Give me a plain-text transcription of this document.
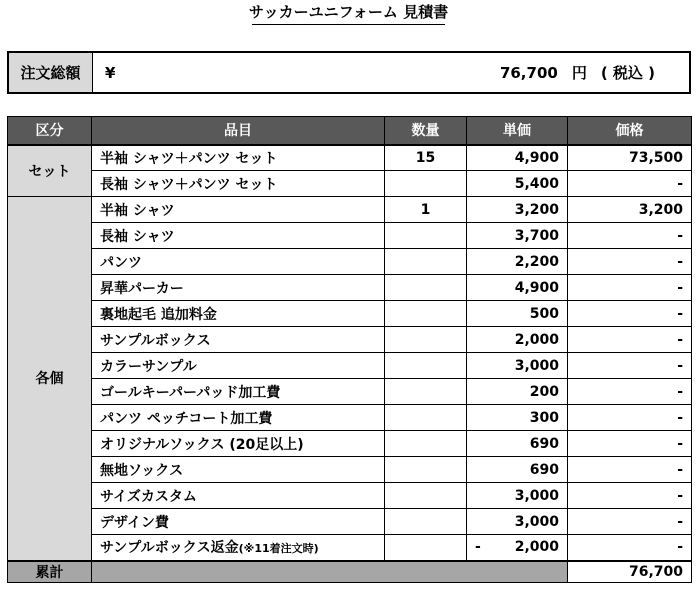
サッカーユニフォーム 見積書
注文総額	¥	76,700 円 ( 税込 )
区分	品目	数量	単価	価格
セット	半袖 シャツ＋パンツ セット	15	4,900	73,500
	長袖 シャツ＋パンツ セット		5,400	-
各個	半袖 シャツ	1	3,200	3,200
	長袖 シャツ		3,700	-
	パンツ		2,200	-
	昇華パーカー		4,900	-
	裏地起毛 追加料金		500	-
	サンプルボックス		2,000	-
	カラーサンプル		3,000	-
	ゴールキーパーパッド加工費		200	-
	パンツ ペッチコート加工費		300	-
	オリジナルソックス (20足以上)		690	-
	無地ソックス		690	-
	サイズカスタム		3,000	-
	デザイン費		3,000	-
	サンプルボックス返金(※11着注文時)		- 2,000	-
累計				76,700
